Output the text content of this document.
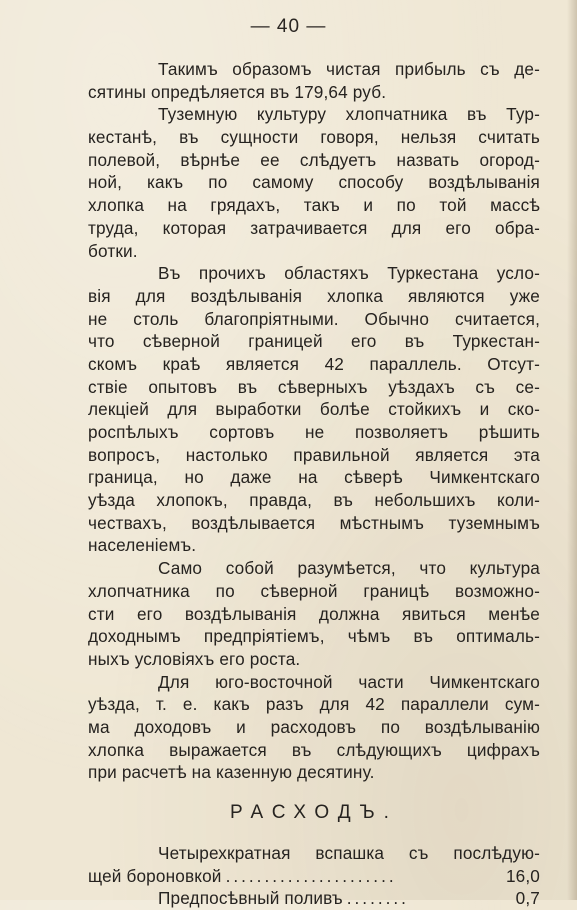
— 40 —
Такимъ образомъ чистая прибыль съ де-
сятины опредѣляется въ 179,64 руб.
Туземную культуру хлопчатника въ Тур-
кестанѣ, въ сущности говоря, нельзя считать
полевой, вѣрнѣе ее слѣдуетъ назвать огород-
ной, какъ по самому способу воздѣлыванія
хлопка на грядахъ, такъ и по той массѣ
труда, которая затрачивается для его обра-
ботки.
Въ прочихъ областяхъ Туркестана усло-
вія для воздѣлыванія хлопка являются уже
не столь благопріятными. Обычно считается,
что сѣверной границей его въ Туркестан-
скомъ краѣ является 42 параллель. Отсут-
ствіе опытовъ въ сѣверныхъ уѣздахъ съ се-
лекціей для выработки болѣе стойкихъ и ско-
роспѣлыхъ сортовъ не позволяетъ рѣшить
вопросъ, настолько правильной является эта
граница, но даже на сѣверѣ Чимкентскаго
уѣзда хлопокъ, правда, въ небольшихъ коли-
чествахъ, воздѣлывается мѣстнымъ туземнымъ
населеніемъ.
Само собой разумѣется, что культура
хлопчатника по сѣверной границѣ возможно-
сти его воздѣлыванія должна явиться менѣе
доходнымъ предпріятіемъ, чѣмъ въ оптималь-
ныхъ условіяхъ его роста.
Для юго-восточной части Чимкентскаго
уѣзда, т. е. какъ разъ для 42 параллели сум-
ма доходовъ и расходовъ по воздѣлыванію
хлопка выражается въ слѣдующихъ цифрахъ
при расчетѣ на казенную десятину.
РАСХОДЪ.
Четырехкратная вспашка съ послѣдую-
щей бороновкой ......................	16,0
Предпосѣвный поливъ ........	0,7
